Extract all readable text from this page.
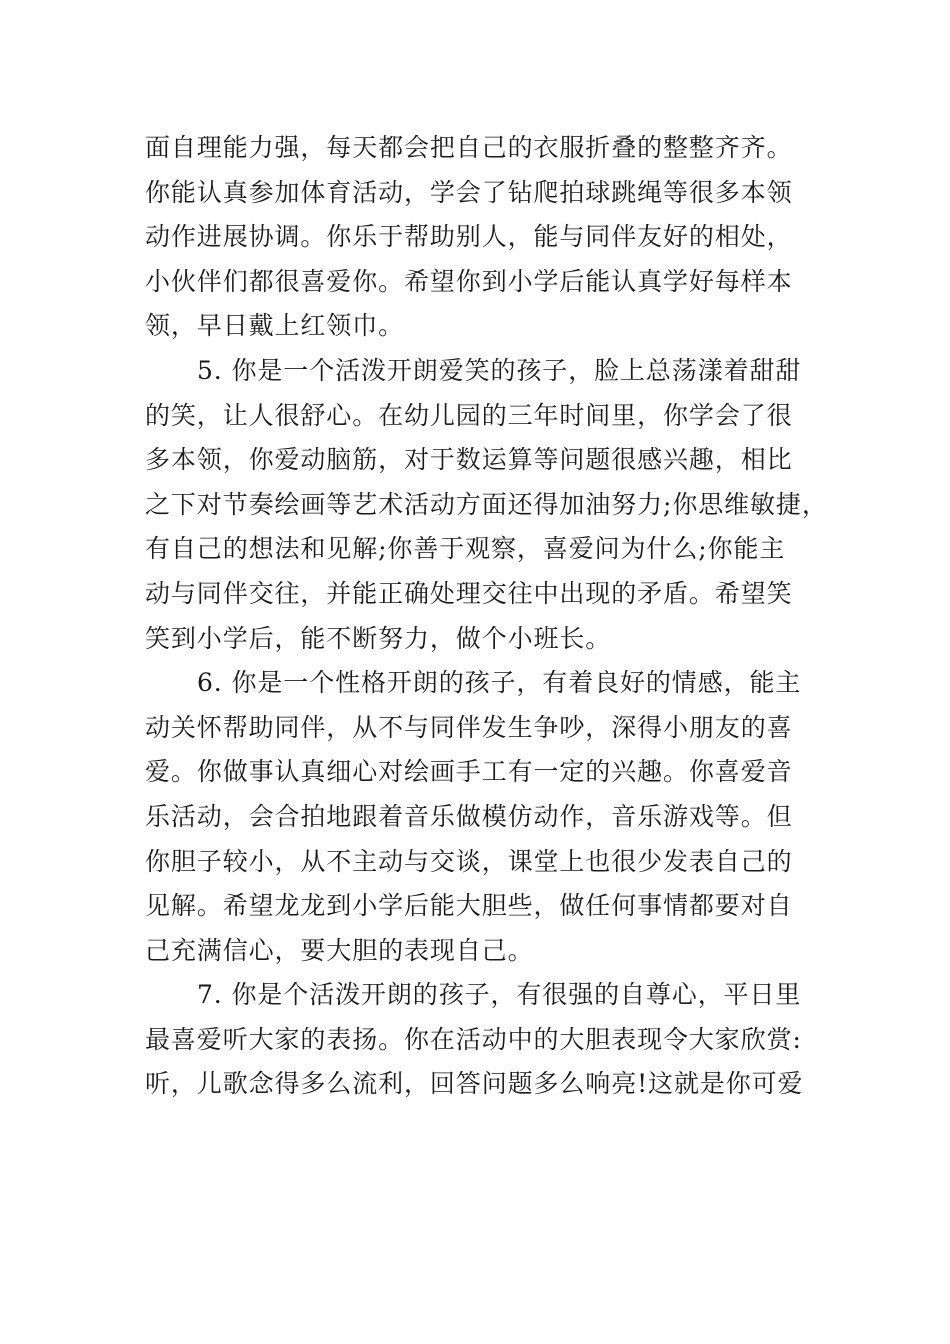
面自理能力强，每天都会把自己的衣服折叠的整整齐齐。
你能认真参加体育活动，学会了钻爬拍球跳绳等很多本领
动作进展协调。你乐于帮助别人，能与同伴友好的相处，
小伙伴们都很喜爱你。希望你到小学后能认真学好每样本
领，早日戴上红领巾。
5. 你是一个活泼开朗爱笑的孩子，脸上总荡漾着甜甜
的笑，让人很舒心。在幼儿园的三年时间里，你学会了很
多本领，你爱动脑筋，对于数运算等问题很感兴趣，相比
之下对节奏绘画等艺术活动方面还得加油努力;你思维敏捷，
有自己的想法和见解;你善于观察，喜爱问为什么;你能主
动与同伴交往，并能正确处理交往中出现的矛盾。希望笑
笑到小学后，能不断努力，做个小班长。
6. 你是一个性格开朗的孩子，有着良好的情感，能主
动关怀帮助同伴，从不与同伴发生争吵，深得小朋友的喜
爱。你做事认真细心对绘画手工有一定的兴趣。你喜爱音
乐活动，会合拍地跟着音乐做模仿动作，音乐游戏等。但
你胆子较小，从不主动与交谈，课堂上也很少发表自己的
见解。希望龙龙到小学后能大胆些，做任何事情都要对自
己充满信心，要大胆的表现自己。
7. 你是个活泼开朗的孩子，有很强的自尊心，平日里
最喜爱听大家的表扬。你在活动中的大胆表现令大家欣赏:
听，儿歌念得多么流利，回答问题多么响亮!这就是你可爱
